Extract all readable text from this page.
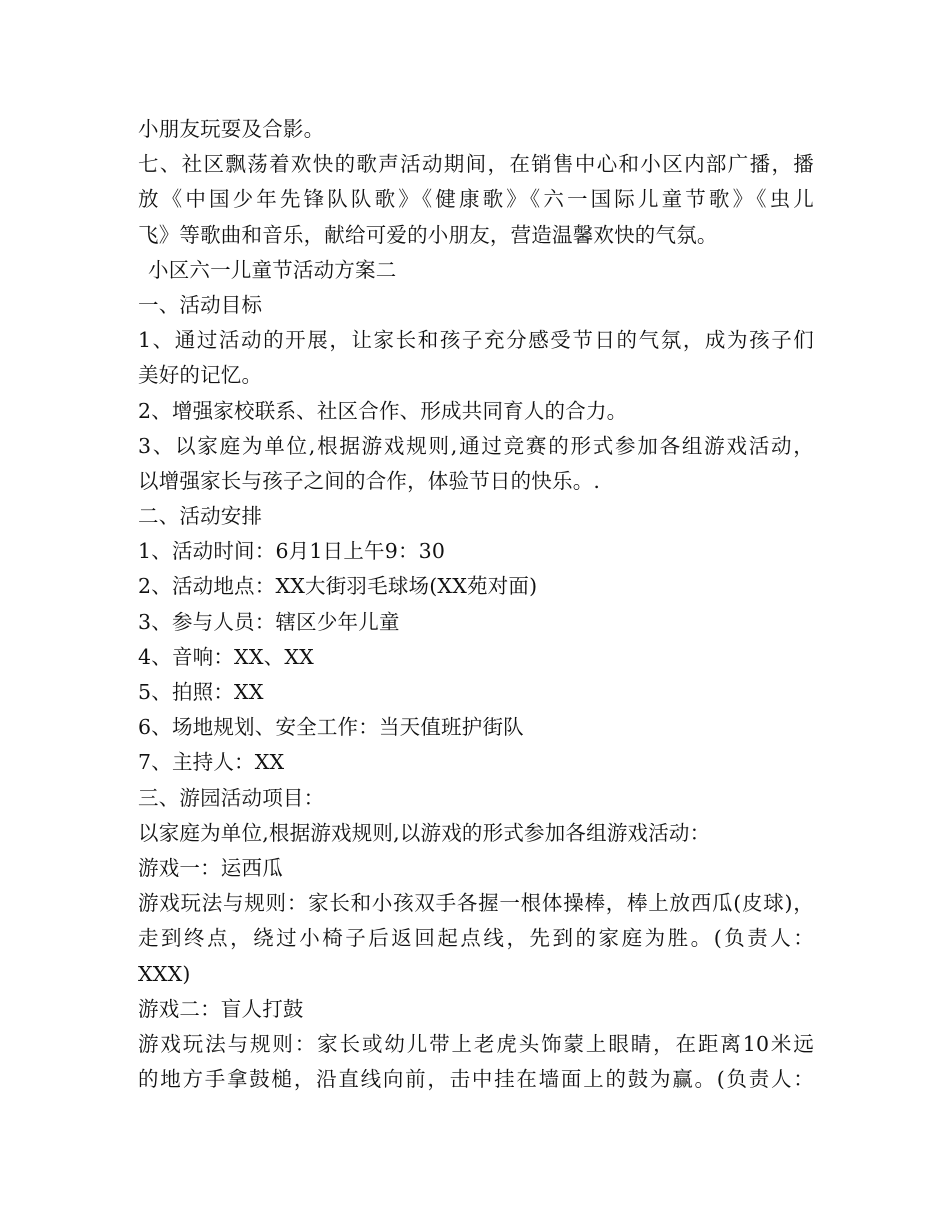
小朋友玩耍及合影。
七、社区飘荡着欢快的歌声活动期间，在销售中心和小区内部广播，播
放《中国少年先锋队队歌》《健康歌》《六一国际儿童节歌》《虫儿
飞》等歌曲和音乐，献给可爱的小朋友，营造温馨欢快的气氛。
小区六一儿童节活动方案二
一、活动目标
1、通过活动的开展，让家长和孩子充分感受节日的气氛，成为孩子们
美好的记忆。
2、增强家校联系、社区合作、形成共同育人的合力。
3、以家庭为单位,根据游戏规则,通过竞赛的形式参加各组游戏活动，
以增强家长与孩子之间的合作，体验节日的快乐。.
二、活动安排
1、活动时间：6月1日上午9：30
2、活动地点：XX大街羽毛球场(XX苑对面)
3、参与人员：辖区少年儿童
4、音响：XX、XX
5、拍照：XX
6、场地规划、安全工作：当天值班护街队
7、主持人：XX
三、游园活动项目：
以家庭为单位,根据游戏规则,以游戏的形式参加各组游戏活动：
游戏一：运西瓜
游戏玩法与规则：家长和小孩双手各握一根体操棒，棒上放西瓜(皮球)，
走到终点，绕过小椅子后返回起点线，先到的家庭为胜。(负责人：
XXX)
游戏二：盲人打鼓
游戏玩法与规则：家长或幼儿带上老虎头饰蒙上眼睛，在距离10米远
的地方手拿鼓槌，沿直线向前，击中挂在墙面上的鼓为赢。(负责人：
